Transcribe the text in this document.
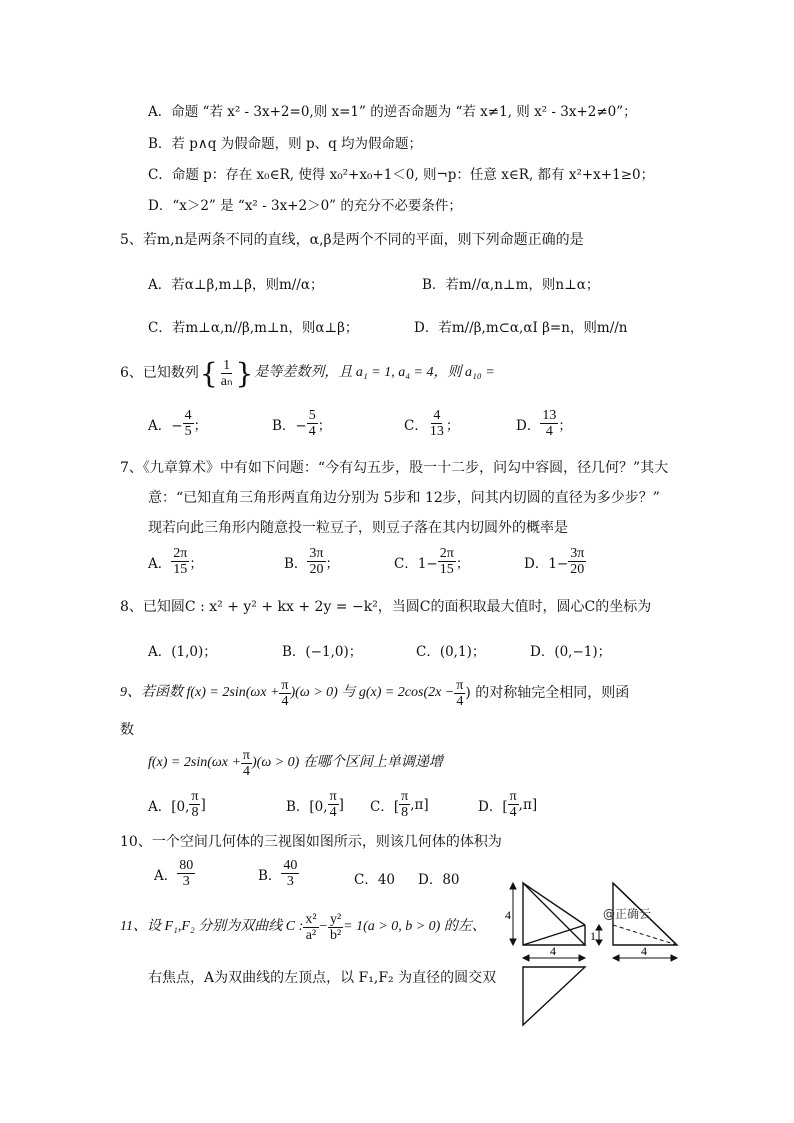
A．命题 “若 x² - 3x+2=0,则 x=1” 的逆否命题为 “若 x≠1, 则 x² - 3x+2≠0”；
B．若 p∧q 为假命题，则 p、q 均为假命题；
C．命题 p：存在 x₀∈R, 使得 x₀²+x₀+1＜0, 则¬p：任意 x∈R, 都有 x²+x+1≥0；
D．“x＞2” 是 “x² - 3x+2＞0” 的充分不必要条件；
5、若m,n是两条不同的直线，α,β是两个不同的平面，则下列命题正确的是
A．若α⊥β,m⊥β，则m//α；	B．若m//α,n⊥m，则n⊥α；
C．若m⊥α,n//β,m⊥n，则α⊥β；	D．若m//β,m⊂α,αI β=n，则m//n
6、已知数列 { $\frac{1}{\text{aₙ}}$ } 是等差数列，且 a₁ = 1, a₄ = 4，则 a₁₀ =
A．− $\frac{4}{5}$ ；	B．− $\frac{5}{4}$ ；	C． $\frac{4}{13}$ ；	D． $\frac{13}{4}$ ；
7、《九章算术》中有如下问题：“今有勾五步，股一十二步，问勾中容圆，径几何？”其大
意：“已知直角三角形两直角边分别为 5步和 12步，问其内切圆的直径为多少步？”
现若向此三角形内随意投一粒豆子，则豆子落在其内切圆外的概率是
A． $\frac{2\pi}{15}$ ；	B． $\frac{3\pi}{20}$ ；	C．$1- \frac{2\pi}{15}$ ；	D．$1- \frac{3\pi}{20}$
8、已知圆C : x² + y² + kx + 2y = −k²，当圆C的面积取最大值时，圆心C的坐标为
A．(1,0)；	B．(−1,0)；	C．(0,1)；	D．(0,−1)；
9、若函数 $f(x) = 2\sin(\omega x + \frac{\pi}{4} )(\omega > 0)$ 与 $g(x) = 2\cos(2x - \frac{\pi}{4}$ ) 的对称轴完全相同，则函
数
$f(x) = 2\sin(\omega x + \frac{\pi}{4} )(\omega > 0)$ 在哪个区间上单调递增
A．[0, $\frac{\pi}{8}$ ]	B．[0, $\frac{\pi}{4}$ ] C．[ $\frac{\pi}{8} ,\pi$]	D．[ $\frac{\pi}{4} ,\pi$]
10、一个空间几何体的三视图如图所示，则该几何体的体积为
A． $\frac{80}{3}$	B． $\frac{40}{3}$	C．40 D．80
11、设 F₁,F₂ 分别为双曲线 C : $\frac{\text{x²}}{\text{a²}} - \frac{\text{y²}}{\text{b²}} = 1(a > 0$, b > 0) 的左、
右焦点，A为双曲线的左顶点，以 F₁,F₂ 为直径的圆交双
4
4
1
4
@正确云
